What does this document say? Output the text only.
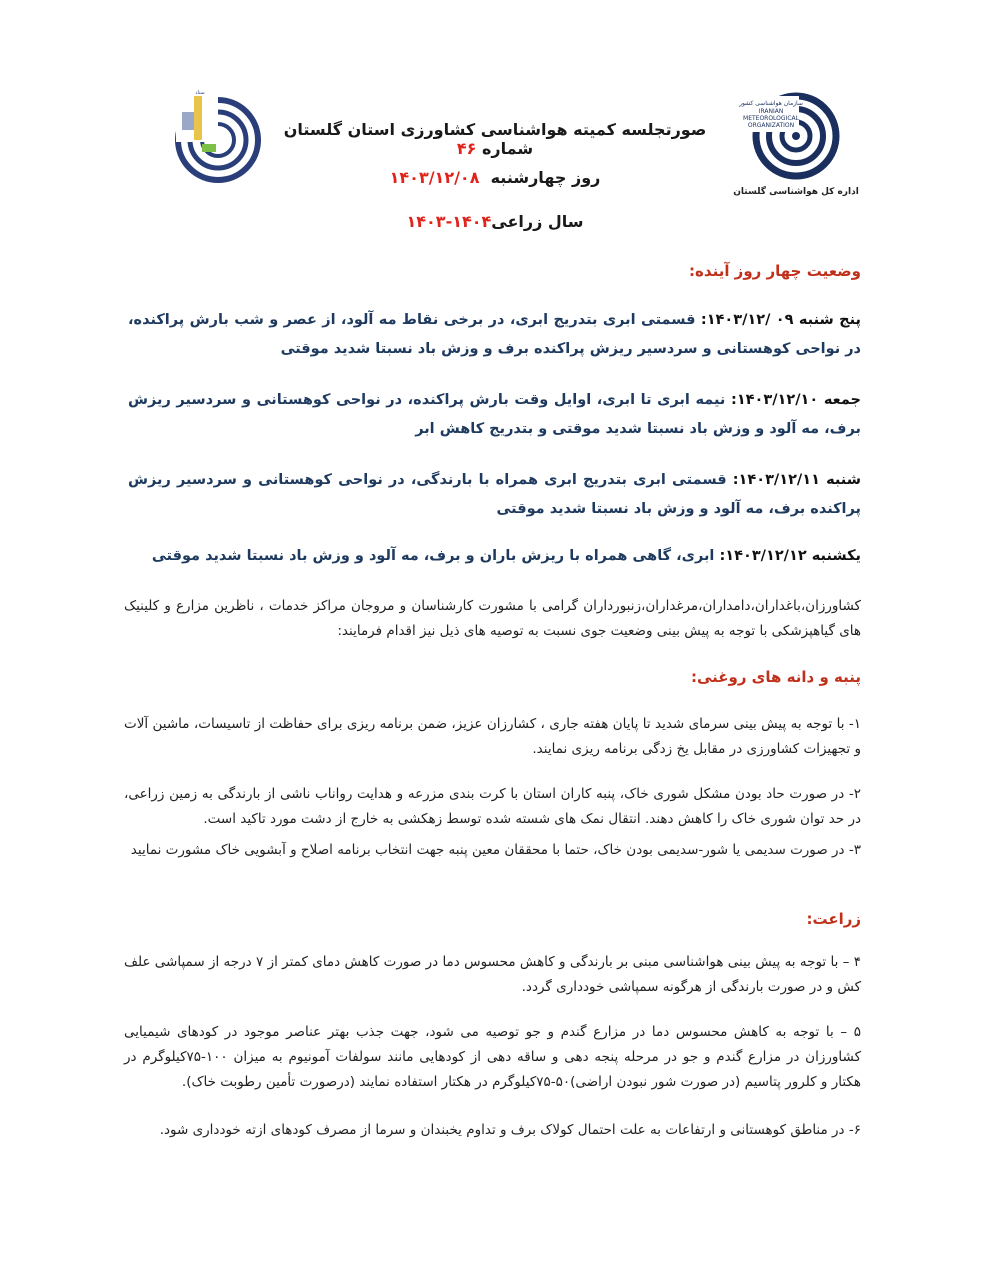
سازمان هواشناسی کشور
IRANIAN
METEOROLOGICAL
ORGANIZATION
اداره کل هواشناسی گلستان
ستاد
صورتجلسه کمیته هواشناسی کشاورزی استان گلستان شماره ۴۶
روز چهارشنبه  ۱۴۰۳/۱۲/۰۸
سال زراعی۱۴۰۴-۱۴۰۳
وضعیت چهار روز آینده:
پنج شنبه ۰۹ /۱۴۰۳/۱۲: قسمتی ابری بتدریج ابری، در برخی نقاط مه آلود، از عصر و شب بارش پراکنده، در نواحی کوهستانی و سردسیر ریزش پراکنده برف و وزش باد نسبتا شدید موقتی
جمعه ۱۴۰۳/۱۲/۱۰: نیمه ابری تا ابری، اوایل وقت بارش پراکنده، در نواحی کوهستانی و سردسیر ریزش برف، مه آلود و وزش باد نسبتا شدید موقتی و بتدریج کاهش ابر
شنبه ۱۴۰۳/۱۲/۱۱: قسمتی ابری بتدریج ابری همراه با بارندگی، در نواحی کوهستانی و سردسیر ریزش پراکنده برف، مه آلود و وزش باد نسبتا شدید موقتی
یکشنبه ۱۴۰۳/۱۲/۱۲: ابری، گاهی همراه با ریزش باران و برف، مه آلود و وزش باد نسبتا شدید موقتی
کشاورزان،باغداران،دامداران،مرغداران،زنبورداران گرامی با مشورت کارشناسان و مروجان مراکز خدمات ، ناظرین مزارع و کلینیک های گیاهپزشکی با توجه به پیش بینی وضعیت جوی نسبت به توصیه های ذیل نیز اقدام فرمایند:
پنبه و دانه های روغنی:
۱- با توجه به پیش بینی سرمای شدید تا پایان هفته جاری ، کشارزان عزیز، ضمن برنامه ریزی برای حفاظت از تاسیسات، ماشین آلات و تجهیزات کشاورزی در مقابل یخ زدگی برنامه ریزی نمایند.
۲- در صورت حاد بودن مشکل شوری خاک، پنبه کاران استان با کرت بندی مزرعه و هدایت رواناب ناشی از بارندگی به زمین زراعی، در حد توان شوری خاک را کاهش دهند. انتقال نمک های شسته شده توسط زهکشی به خارج از دشت مورد تاکید است.
۳- در صورت سدیمی یا شور-سدیمی بودن خاک، حتما با محققان معین پنبه جهت انتخاب برنامه اصلاح و آبشویی خاک مشورت نمایید
زراعت:
۴ – با توجه به پیش بینی هواشناسی مبنی بر بارندگی و کاهش محسوس دما در صورت کاهش دمای کمتر از ۷ درجه از سمپاشی علف کش و در صورت بارندگی از هرگونه سمپاشی خودداری گردد.
۵ – با توجه به کاهش محسوس دما در مزارع گندم و جو توصیه می شود، جهت جذب بهتر عناصر موجود در کودهای شیمیایی کشاورزان در مزارع گندم و جو در مرحله پنجه دهی و ساقه دهی از کودهایی مانند سولفات آمونیوم به میزان ۱۰۰-۷۵کیلوگرم در هکتار و کلرور پتاسیم (در صورت شور نبودن اراضی)۵۰-۷۵کیلوگرم در هکتار استفاده نمایند (درصورت تأمین رطوبت خاک).
۶- در مناطق کوهستانی و ارتفاعات به علت احتمال کولاک برف و تداوم یخبندان و سرما از مصرف کودهای ازته خودداری شود.
